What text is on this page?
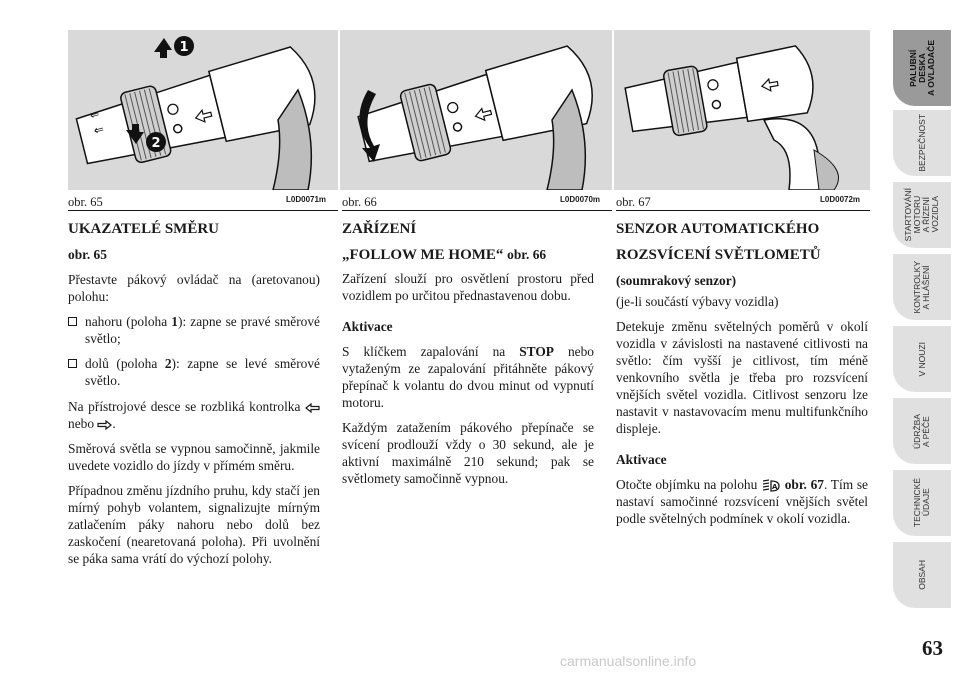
⇐
⇐
1
2
obr. 65	L0D0071m obr. 66	L0D0070m obr. 67	L0D0072m

UKAZATELÉ SMĚRU

obr. 65

Přestavte pákový ovládač na (aretovanou) polohu:

nahoru (poloha 1): zapne se pravé směrové světlo;

dolů (poloha 2): zapne se levé směrové světlo.

Na přístrojové desce se rozbliká kontrolka  nebo .

Směrová světla se vypnou samočinně, jakmile uvedete vozidlo do jízdy v přímém směru.

Případnou změnu jízdního pruhu, kdy stačí jen mírný pohyb volantem, signalizujte mírným zatlačením páky nahoru nebo dolů bez zaskočení (nearetovaná poloha). Při uvolnění se páka sama vrátí do výchozí polohy.

ZAŘÍZENÍ

„FOLLOW ME HOME“ obr. 66

Zařízení slouží pro osvětlení prostoru před vozidlem po určitou přednastavenou dobu.

Aktivace

S klíčkem zapalování na STOP nebo vytaženým ze zapalování přitáhněte pákový přepínač k volantu do dvou minut od vypnutí motoru.

Každým zatažením pákového přepínače se svícení prodlouží vždy o 30 sekund, ale je aktivní maximálně 210 sekund; pak se světlomety samočinně vypnou.

SENZOR AUTOMATICKÉHO

ROZSVÍCENÍ SVĚTLOMETŮ

(soumrakový senzor)

(je-li součástí výbavy vozidla)

Detekuje změnu světelných poměrů v okolí vozidla v závislosti na nastavené citlivosti na světlo: čím vyšší je citlivost, tím méně venkovního světla je třeba pro rozsvícení vnějších světel vozidla. Citlivost senzoru lze nastavit v nastavovacím menu multifunkčního displeje.

Aktivace

Otočte objímku na polohu A obr. 67. Tím se nastaví samočinné rozsvícení vnějších světel podle světelných podmínek v okolí vozidla.

PALUBNÍ
DESKA
A OVLADAČE
BEZPEČNOST
STARTOVÁNÍ
MOTORU
A ŘÍZENÍ
VOZIDLA
KONTROLKY
A HLÁŠENÍ
V NOUZI
ÚDRŽBA
A PÉČE
TECHNICKÉ
ÚDAJE
OBSAH
63
carmanualsonline.info
